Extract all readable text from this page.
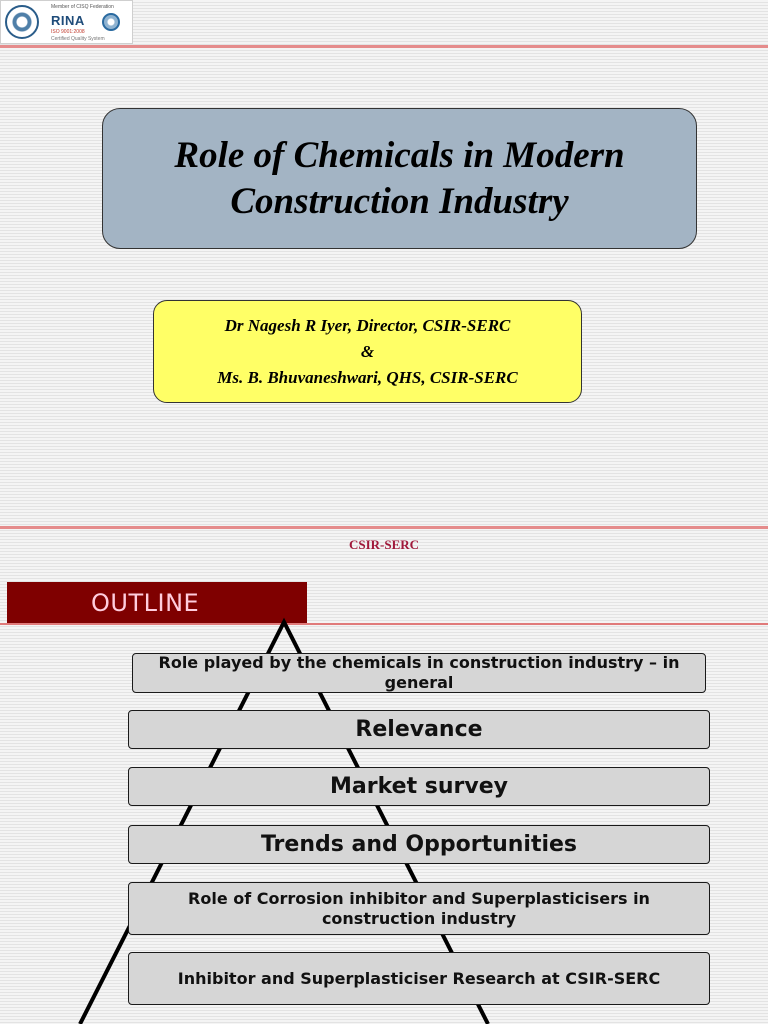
Member of CISQ Federation
RINA
ISO 9001:2008
Certified Quality System
Role of Chemicals in Modern Construction Industry
Dr Nagesh R Iyer, Director, CSIR-SERC
&
Ms. B. Bhuvaneshwari, QHS, CSIR-SERC
CSIR-SERC
OUTLINE
Role played by the chemicals in construction industry – in general
Relevance
Market survey
Trends and Opportunities
Role of Corrosion inhibitor and Superplasticisers in construction industry
Inhibitor and Superplasticiser Research at CSIR-SERC
